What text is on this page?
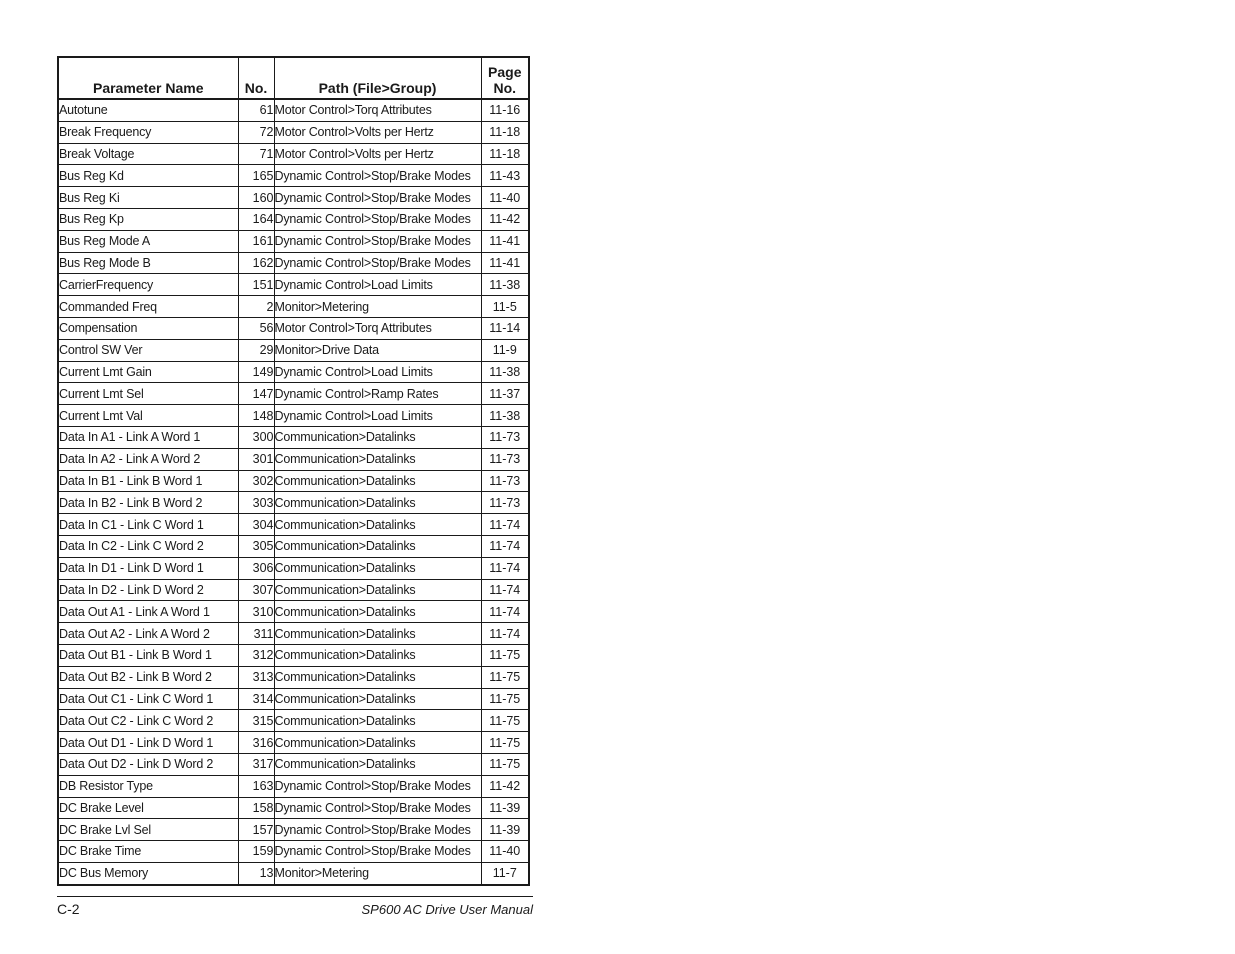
Parameter Name	No.	Path (File>Group)	Page
No.
Autotune	61	Motor Control>Torq Attributes	11-16
Break Frequency	72	Motor Control>Volts per Hertz	11-18
Break Voltage	71	Motor Control>Volts per Hertz	11-18
Bus Reg Kd	165	Dynamic Control>Stop/Brake Modes	11-43
Bus Reg Ki	160	Dynamic Control>Stop/Brake Modes	11-40
Bus Reg Kp	164	Dynamic Control>Stop/Brake Modes	11-42
Bus Reg Mode A	161	Dynamic Control>Stop/Brake Modes	11-41
Bus Reg Mode B	162	Dynamic Control>Stop/Brake Modes	11-41
CarrierFrequency	151	Dynamic Control>Load Limits	11-38
Commanded Freq	2	Monitor>Metering	11-5
Compensation	56	Motor Control>Torq Attributes	11-14
Control SW Ver	29	Monitor>Drive Data	11-9
Current Lmt Gain	149	Dynamic Control>Load Limits	11-38
Current Lmt Sel	147	Dynamic Control>Ramp Rates	11-37
Current Lmt Val	148	Dynamic Control>Load Limits	11-38
Data In A1 - Link A Word 1	300	Communication>Datalinks	11-73
Data In A2 - Link A Word 2	301	Communication>Datalinks	11-73
Data In B1 - Link B Word 1	302	Communication>Datalinks	11-73
Data In B2 - Link B Word 2	303	Communication>Datalinks	11-73
Data In C1 - Link C Word 1	304	Communication>Datalinks	11-74
Data In C2 - Link C Word 2	305	Communication>Datalinks	11-74
Data In D1 - Link D Word 1	306	Communication>Datalinks	11-74
Data In D2 - Link D Word 2	307	Communication>Datalinks	11-74
Data Out A1 - Link A Word 1	310	Communication>Datalinks	11-74
Data Out A2 - Link A Word 2	311	Communication>Datalinks	11-74
Data Out B1 - Link B Word 1	312	Communication>Datalinks	11-75
Data Out B2 - Link B Word 2	313	Communication>Datalinks	11-75
Data Out C1 - Link C Word 1	314	Communication>Datalinks	11-75
Data Out C2 - Link C Word 2	315	Communication>Datalinks	11-75
Data Out D1 - Link D Word 1	316	Communication>Datalinks	11-75
Data Out D2 - Link D Word 2	317	Communication>Datalinks	11-75
DB Resistor Type	163	Dynamic Control>Stop/Brake Modes	11-42
DC Brake Level	158	Dynamic Control>Stop/Brake Modes	11-39
DC Brake Lvl Sel	157	Dynamic Control>Stop/Brake Modes	11-39
DC Brake Time	159	Dynamic Control>Stop/Brake Modes	11-40
DC Bus Memory	13	Monitor>Metering	11-7
C-2	SP600 AC Drive User Manual
